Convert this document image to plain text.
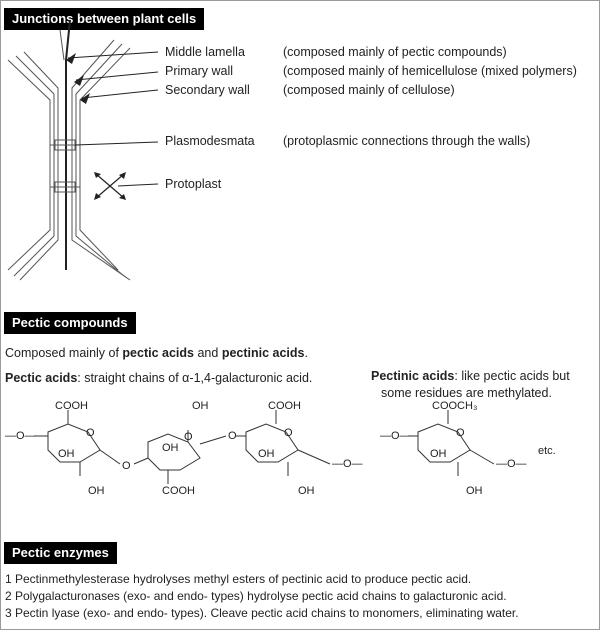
Junctions between plant cells
Middle lamella	(composed mainly of pectic compounds)
Primary wall	(composed mainly of hemicellulose (mixed polymers)
Secondary wall	(composed mainly of cellulose)
Plasmodesmata (protoplasmic connections through the walls)
Protoplast
Pectic compounds
Composed mainly of pectic acids and pectinic acids.
Pectic acids: straight chains of α-1,4-galacturonic acid.	Pectinic acids: like pectic acids but
some residues are methylated.
COOH
O
—O—
OH
OH
O
OH
O
OH
COOH
O
COOH
O
OH
OH
—O—
COOCH₃
O
—O—
OH
OH
—O—
etc.
Pectic enzymes
1 Pectinmethylesterase hydrolyses methyl esters of pectinic acid to produce pectic acid.
2 Polygalacturonases (exo- and endo- types) hydrolyse pectic acid chains to galacturonic acid.
3 Pectin lyase (exo- and endo- types). Cleave pectic acid chains to monomers, eliminating water.
